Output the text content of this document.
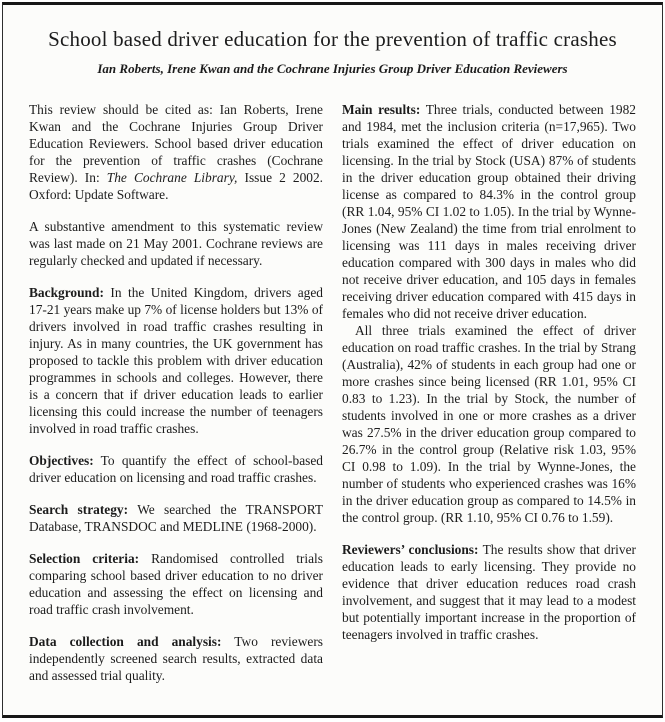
School based driver education for the prevention of traffic crashes
Ian Roberts, Irene Kwan and the Cochrane Injuries Group Driver Education Reviewers

This review should be cited as: Ian Roberts, Irene Kwan and the Cochrane Injuries Group Driver Education Reviewers. School based driver education for the prevention of traffic crashes (Cochrane Review). In: The Cochrane Library, Issue 2 2002. Oxford: Update Software.

A substantive amendment to this systematic review was last made on 21 May 2001. Cochrane reviews are regularly checked and updated if necessary.

Background: In the United Kingdom, drivers aged 17-21 years make up 7% of license holders but 13% of drivers involved in road traffic crashes resulting in injury. As in many countries, the UK government has proposed to tackle this problem with driver education programmes in schools and colleges. However, there is a concern that if driver education leads to earlier licensing this could increase the number of teenagers involved in road traffic crashes.

Objectives: To quantify the effect of school-based driver education on licensing and road traffic crashes.

Search strategy: We searched the TRANSPORT Database, TRANSDOC and MEDLINE (1968-2000).

Selection criteria: Randomised controlled trials comparing school based driver education to no driver education and assessing the effect on licensing and road traffic crash involvement.

Data collection and analysis: Two reviewers independently screened search results, extracted data and assessed trial quality.

Main results: Three trials, conducted between 1982 and 1984, met the inclusion criteria (n=17,965). Two trials examined the effect of driver education on licensing. In the trial by Stock (USA) 87% of students in the driver education group obtained their driving license as compared to 84.3% in the control group (RR 1.04, 95% CI 1.02 to 1.05). In the trial by Wynne-Jones (New Zealand) the time from trial enrolment to licensing was 111 days in males receiving driver education compared with 300 days in males who did not receive driver education, and 105 days in females receiving driver education compared with 415 days in females who did not receive driver education.

All three trials examined the effect of driver education on road traffic crashes. In the trial by Strang (Australia), 42% of students in each group had one or more crashes since being licensed (RR 1.01, 95% CI 0.83 to 1.23). In the trial by Stock, the number of students involved in one or more crashes as a driver was 27.5% in the driver education group compared to 26.7% in the control group (Relative risk 1.03, 95% CI 0.98 to 1.09). In the trial by Wynne-Jones, the number of students who experienced crashes was 16% in the driver education group as compared to 14.5% in the control group. (RR 1.10, 95% CI 0.76 to 1.59).

Reviewers’ conclusions: The results show that driver education leads to early licensing. They provide no evidence that driver education reduces road crash involvement, and suggest that it may lead to a modest but potentially important increase in the proportion of teenagers involved in traffic crashes.
